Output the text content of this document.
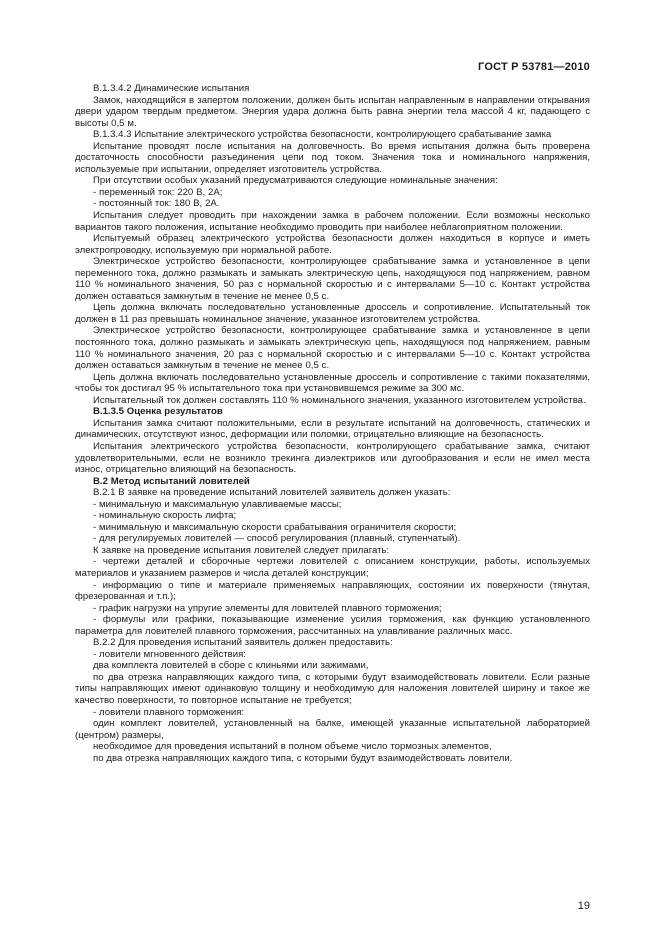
ГОСТ Р 53781—2010

В.1.3.4.2 Динамические испытания

Замок, находящийся в запертом положении, должен быть испытан направленным в направлении открывания двери ударом твердым предметом. Энергия удара должна быть равна энергии тела массой 4 кг, падающего с высоты 0,5 м.

В.1.3.4.3 Испытание электрического устройства безопасности, контролирующего срабатывание замка

Испытание проводят после испытания на долговечность. Во время испытания должна быть проверена достаточность способности разъединения цепи под током. Значения тока и номинального напряжения, используемые при испытании, определяет изготовитель устройства.

При отсутствии особых указаний предусматриваются следующие номинальные значения:

- переменный ток: 220 В, 2А;

- постоянный ток: 180 В, 2А.

Испытания следует проводить при нахождении замка в рабочем положении. Если возможны несколько вариантов такого положения, испытание необходимо проводить при наиболее неблагоприятном положении.

Испытуемый образец электрического устройства безопасности должен находиться в корпусе и иметь электропроводку, используемую при нормальной работе.

Электрическое устройство безопасности, контролирующее срабатывание замка и установленное в цепи переменного тока, должно размыкать и замыкать электрическую цепь, находящуюся под напряжением, равном 110 % номинального значения, 50 раз с нормальной скоростью и с интервалами 5—10 с. Контакт устройства должен оставаться замкнутым в течение не менее 0,5 с.

Цепь должна включать последовательно установленные дроссель и сопротивление. Испытательный ток должен в 11 раз превышать номинальное значение, указанное изготовителем устройства.

Электрическое устройство безопасности, контролирующее срабатывание замка и установленное в цепи постоянного тока, должно размыкать и замыкать электрическую цепь, находящуюся под напряжением, равным 110 % номинального значения, 20 раз с нормальной скоростью и с интервалами 5—10 с. Контакт устройства должен оставаться замкнутым в течение не менее 0,5 с.

Цепь должна включать последовательно установленные дроссель и сопротивление с такими показателями, чтобы ток достигал 95 % испытательного тока при установившемся режиме за 300 мс.

Испытательный ток должен составлять 110 % номинального значения, указанного изготовителем устройства.

В.1.3.5 Оценка результатов

Испытания замка считают положительными, если в результате испытаний на долговечность, статических и динамических, отсутствуют износ, деформации или поломки, отрицательно влияющие на безопасность.

Испытания электрического устройства безопасности, контролирующего срабатывание замка, считают удовлетворительными, если не возникло трекинга диэлектриков или дугообразования и если не имел места износ, отрицательно влияющий на безопасность.

В.2 Метод испытаний ловителей

В.2.1 В заявке на проведение испытаний ловителей заявитель должен указать:

- минимальную и максимальную улавливаемые массы;

- номинальную скорость лифта;

- минимальную и максимальную скорости срабатывания ограничителя скорости;

- для регулируемых ловителей — способ регулирования (плавный, ступенчатый).

К заявке на проведение испытания ловителей следует прилагать:

- чертежи деталей и сборочные чертежи ловителей с описанием конструкции, работы, используемых материалов и указанием размеров и числа деталей конструкции;

- информацию о типе и материале применяемых направляющих, состоянии их поверхности (тянутая, фрезерованная и т.п.);

- график нагрузки на упругие элементы для ловителей плавного торможения;

- формулы или графики, показывающие изменение усилия торможения, как функцию установленного параметра для ловителей плавного торможения, рассчитанных на улавливание различных масс.

В.2.2 Для проведения испытаний заявитель должен предоставить:

- ловители мгновенного действия:

два комплекта ловителей в сборе с клиньями или зажимами,

по два отрезка направляющих каждого типа, с которыми будут взаимодействовать ловители. Если разные типы направляющих имеют одинаковую толщину и необходимую для наложения ловителей ширину и такое же качество поверхности, то повторное испытание не требуется;

- ловители плавного торможения:

один комплект ловителей, установленный на балке, имеющей указанные испытательной лабораторией (центром) размеры,

необходимое для проведения испытаний в полном объеме число тормозных элементов,

по два отрезка направляющих каждого типа, с которыми будут взаимодействовать ловители.

19
